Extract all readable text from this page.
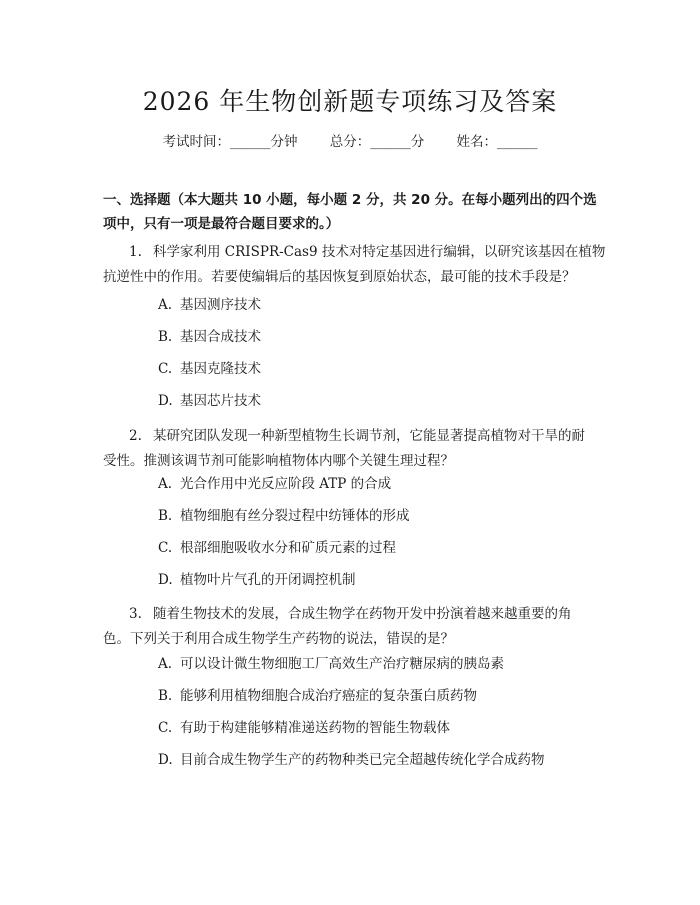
2026 年生物创新题专项练习及答案
考试时间：______分钟 总分：______分 姓名：______
一、选择题（本大题共 10 小题，每小题 2 分，共 20 分。在每小题列出的四个选
项中，只有一项是最符合题目要求的。）
1. 科学家利用 CRISPR-Cas9 技术对特定基因进行编辑，以研究该基因在植物
抗逆性中的作用。若要使编辑后的基因恢复到原始状态，最可能的技术手段是？
A. 基因测序技术
B. 基因合成技术
C. 基因克隆技术
D. 基因芯片技术
2. 某研究团队发现一种新型植物生长调节剂，它能显著提高植物对干旱的耐
受性。推测该调节剂可能影响植物体内哪个关键生理过程？
A. 光合作用中光反应阶段 ATP 的合成
B. 植物细胞有丝分裂过程中纺锤体的形成
C. 根部细胞吸收水分和矿质元素的过程
D. 植物叶片气孔的开闭调控机制
3. 随着生物技术的发展，合成生物学在药物开发中扮演着越来越重要的角
色。下列关于利用合成生物学生产药物的说法，错误的是？
A. 可以设计微生物细胞工厂高效生产治疗糖尿病的胰岛素
B. 能够利用植物细胞合成治疗癌症的复杂蛋白质药物
C. 有助于构建能够精准递送药物的智能生物载体
D. 目前合成生物学生产的药物种类已完全超越传统化学合成药物
